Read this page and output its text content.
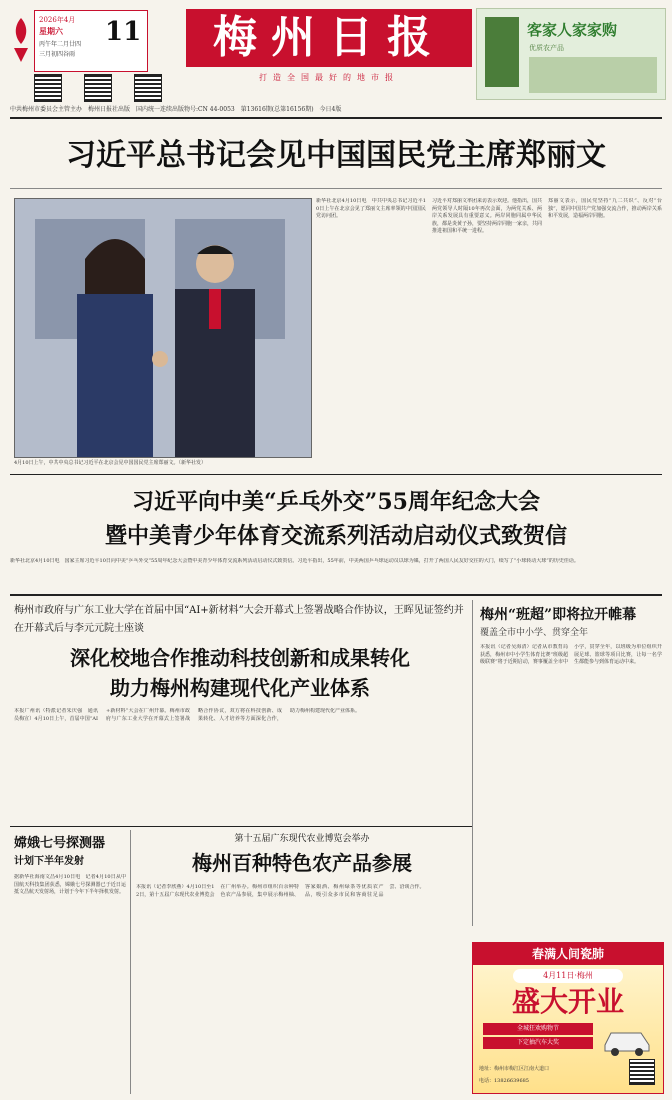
2026年4月
星期六
丙午年二月廿四
三月初四谷雨
11	梅州日报
打造全国最好的地市报
客家人家家购
优质农产品
中共梅州市委员会主管主办　梅州日报社出版　国内统一连续出版物号:CN 44-0053　第13616期(总第16156期)　今日4版
习近平总书记会见中国国民党主席郑丽文
4月10日上午，中共中央总书记习近平在北京会见中国国民党主席郑丽文。（新华社发）
新华社北京4月10日电　中共中央总书记习近平10日上午在北京会见了郑丽文主席率领的中国国民党访问团。
习近平对郑丽文率团来访表示欢迎。他指出，国共两党领导人时隔10年再次会面，为两党关系、两岸关系发展具有重要意义。两岸同胞同属中华民族，都是炎黄子孙，要坚持两岸同胞一家亲，共同推进祖国和平统一进程。
郑丽文表示，国民党坚持“九二共识”、反对“台独”，愿同中国共产党加强交流合作，推动两岸关系和平发展，造福两岸同胞。
习近平向中美“乒乓外交”55周年纪念大会
暨中美青少年体育交流系列活动启动仪式致贺信
新华社北京4月10日电　国家主席习近平10日向中美“乒乓外交”55周年纪念大会暨中美青少年体育交流系列活动启动仪式致贺信。习近平指出，55年前，中美两国乒乓球运动员以球为媒，打开了两国人民友好交往的大门，续写了“小球转动大球”的历史佳话。
梅州市政府与广东工业大学在首届中国“AI+新材料”大会开幕式上签署战略合作协议，王晖见证签约并在开幕式后与李元元院士座谈
深化校地合作推动科技创新和成果转化
助力梅州构建现代化产业体系
本报广州讯（特派记者朱庆强　通讯员梅宣）4月10日上午，首届中国“AI+新材料”大会在广州开幕。梅州市政府与广东工业大学在开幕式上签署战略合作协议，双方将在科技创新、成果转化、人才培养等方面深化合作，助力梅州构建现代化产业体系。
梅州“班超”即将拉开帷幕
覆盖全市中小学、贯穿全年
本报讯（记者吴海清）记者从市教育局获悉，梅州市中小学生体育比赛“班级超级联赛”将于近期启动，赛事覆盖全市中小学，贯穿全年，以班级为单位组织开展足球、篮球等项目比赛，让每一名学生都能参与到体育运动中来。
嫦娥七号探测器
计划下半年发射
据新华社海南文昌4月10日电　记者4月10日从中国航天科技集团获悉，嫦娥七号探测器已于近日运抵文昌航天发射场，计划于今年下半年择机发射。
第十五届广东现代农业博览会举办
梅州百种特色农产品参展
本报讯（记者李欣燕）4月10日至12日，第十五届广东现代农业博览会在广州举办。梅州市组织百余种特色农产品参展，集中展示梅州柚、客家娘酒、梅州绿茶等优质农产品，吸引众多市民和客商驻足品尝、洽谈合作。
春满人间瓷肺
4月11日·梅州
盛大开业
全城狂欢购物节
下定抽汽车大奖
地址：梅州市梅江区江南大道口
电话：13826639685
